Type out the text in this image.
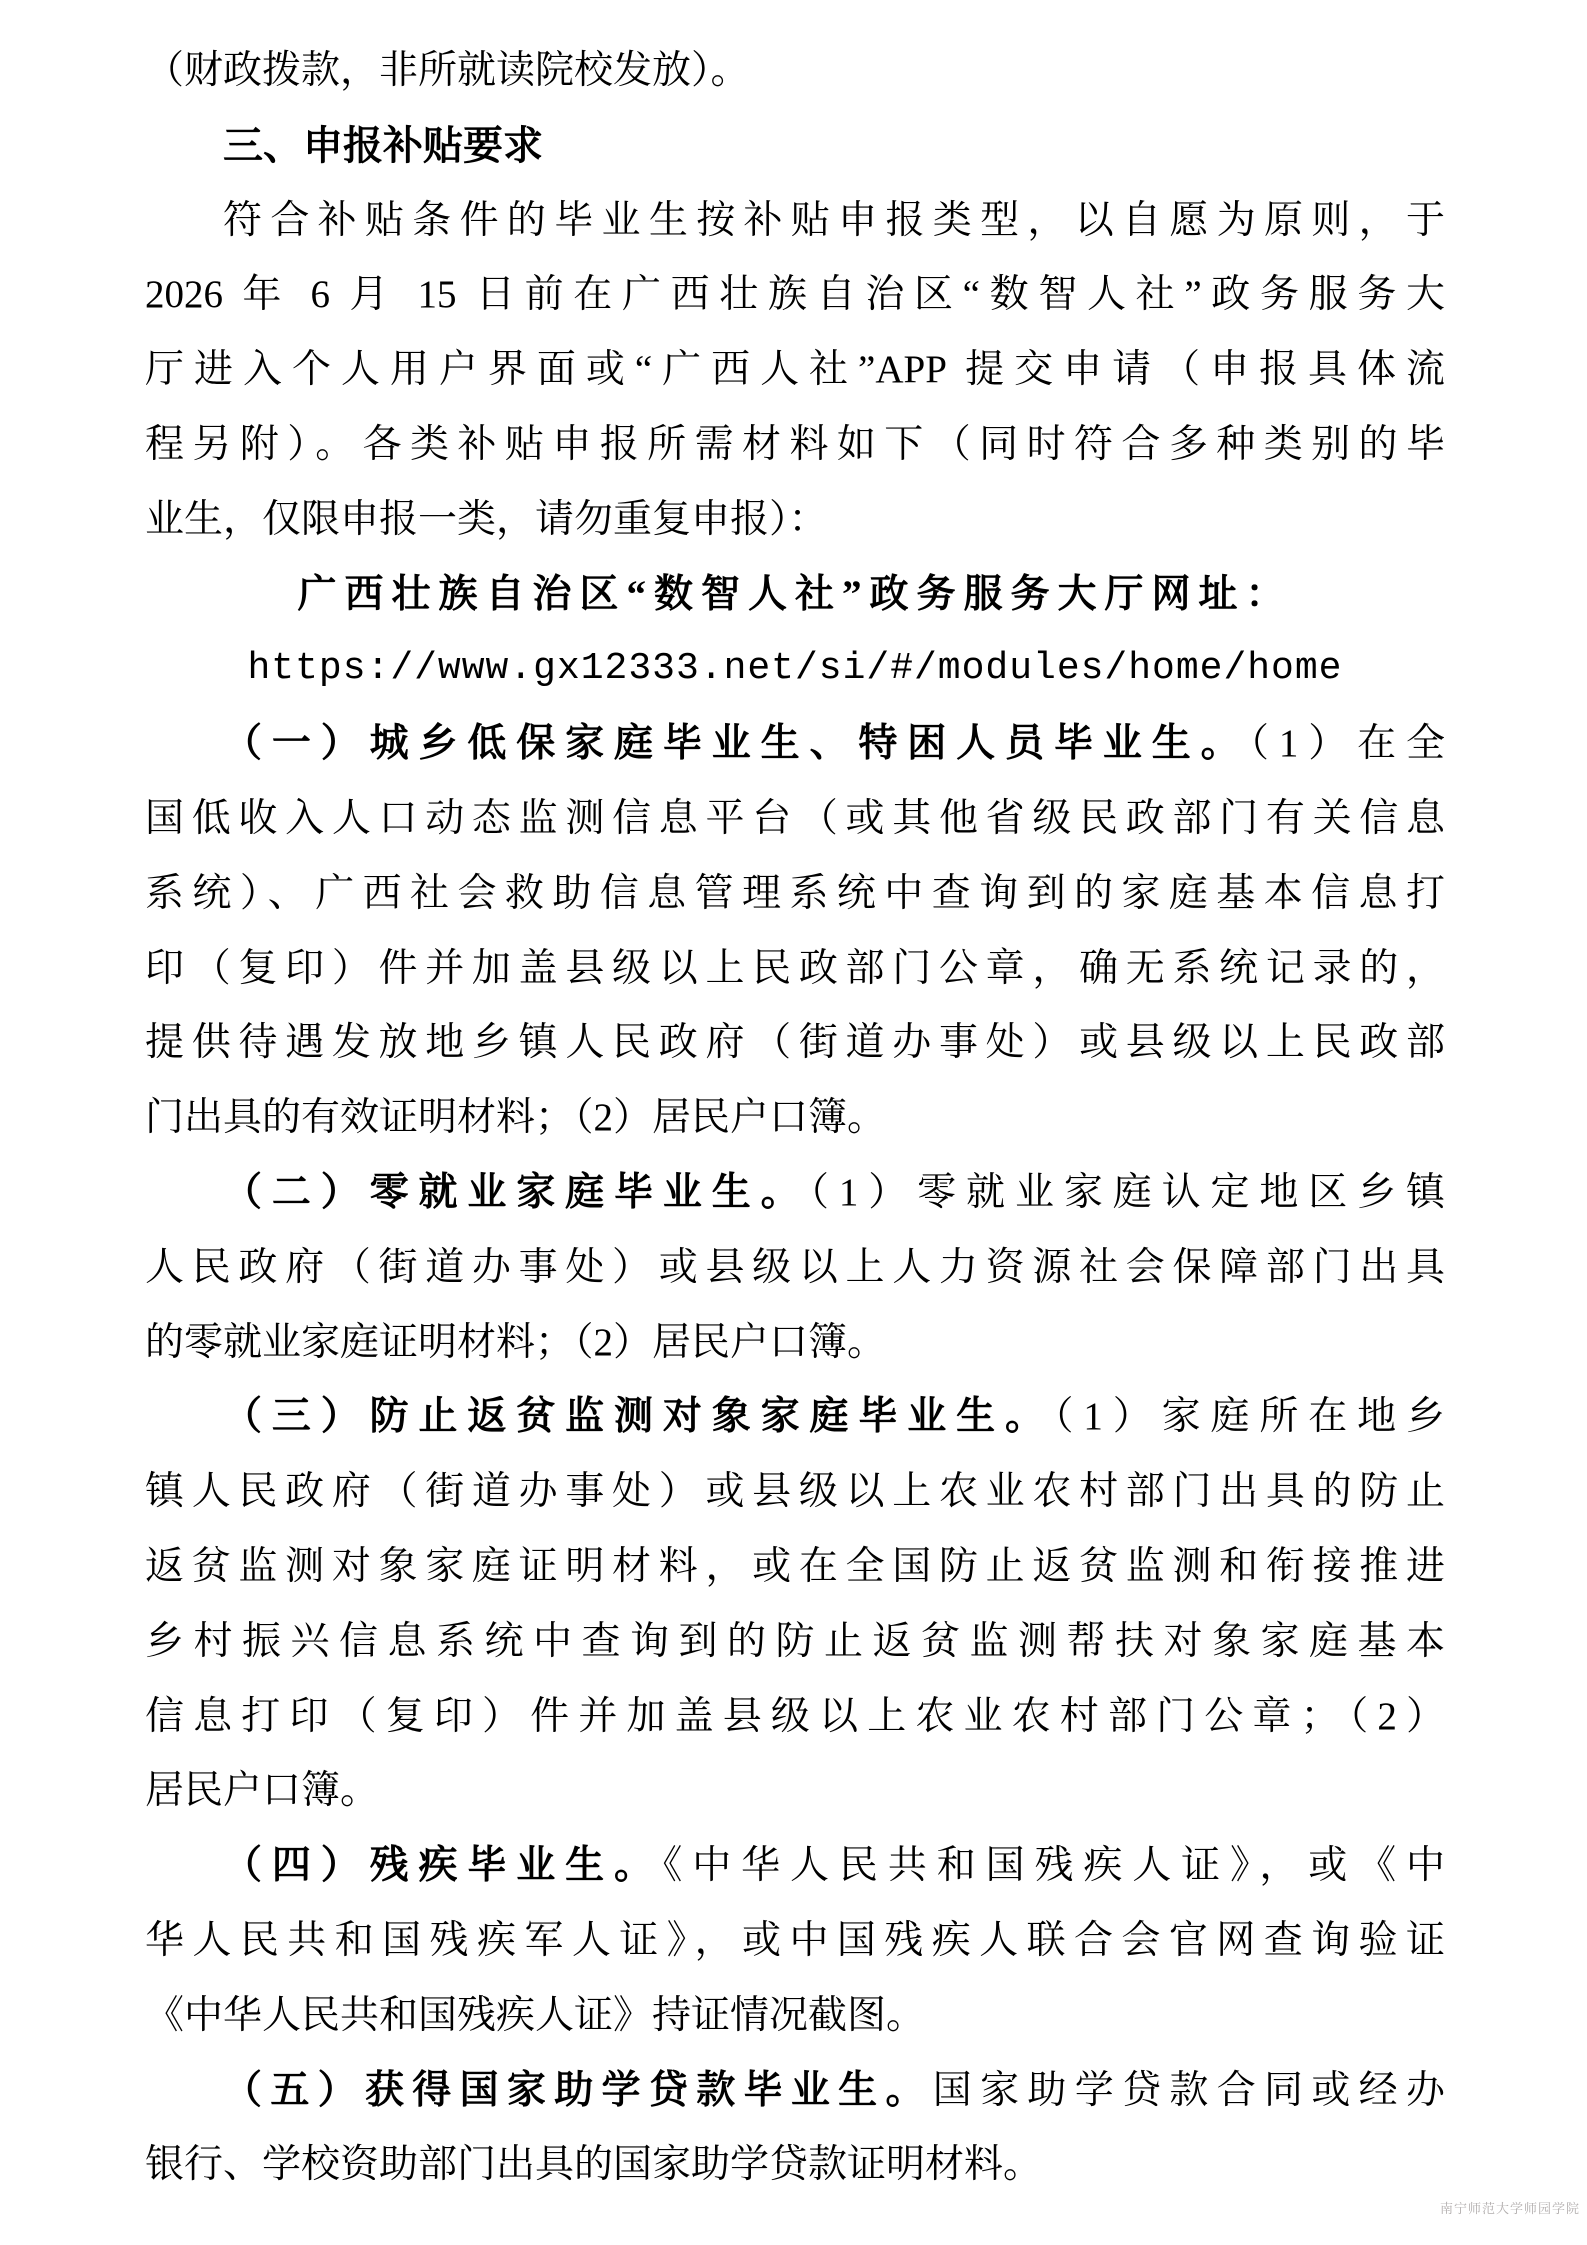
（财政拨款，非所就读院校发放）。
三、申报补贴要求
符合补贴条件的毕业生按补贴申报类型，以自愿为原则，于
2026 年 6 月 15 日前在广西壮族自治区“数智人社”政务服务大
厅进入个人用户界面或“广西人社”APP 提交申请（申报具体流
程另附）。各类补贴申报所需材料如下（同时符合多种类别的毕
业生，仅限申报一类，请勿重复申报）：
广西壮族自治区“数智人社”政务服务大厅网址：
https://www.gx12333.net/si/#/modules/home/home
（一）城乡低保家庭毕业生、特困人员毕业生。（1）在全
国低收入人口动态监测信息平台（或其他省级民政部门有关信息
系统）、广西社会救助信息管理系统中查询到的家庭基本信息打
印（复印）件并加盖县级以上民政部门公章，确无系统记录的，
提供待遇发放地乡镇人民政府（街道办事处）或县级以上民政部
门出具的有效证明材料；（2）居民户口簿。
（二）零就业家庭毕业生。（1）零就业家庭认定地区乡镇
人民政府（街道办事处）或县级以上人力资源社会保障部门出具
的零就业家庭证明材料；（2）居民户口簿。
（三）防止返贫监测对象家庭毕业生。（1）家庭所在地乡
镇人民政府（街道办事处）或县级以上农业农村部门出具的防止
返贫监测对象家庭证明材料，或在全国防止返贫监测和衔接推进
乡村振兴信息系统中查询到的防止返贫监测帮扶对象家庭基本
信息打印（复印）件并加盖县级以上农业农村部门公章；（2）
居民户口簿。
（四）残疾毕业生。《中华人民共和国残疾人证》，或《中
华人民共和国残疾军人证》，或中国残疾人联合会官网查询验证
《中华人民共和国残疾人证》持证情况截图。
（五）获得国家助学贷款毕业生。国家助学贷款合同或经办
银行、学校资助部门出具的国家助学贷款证明材料。
南宁师范大学师园学院
